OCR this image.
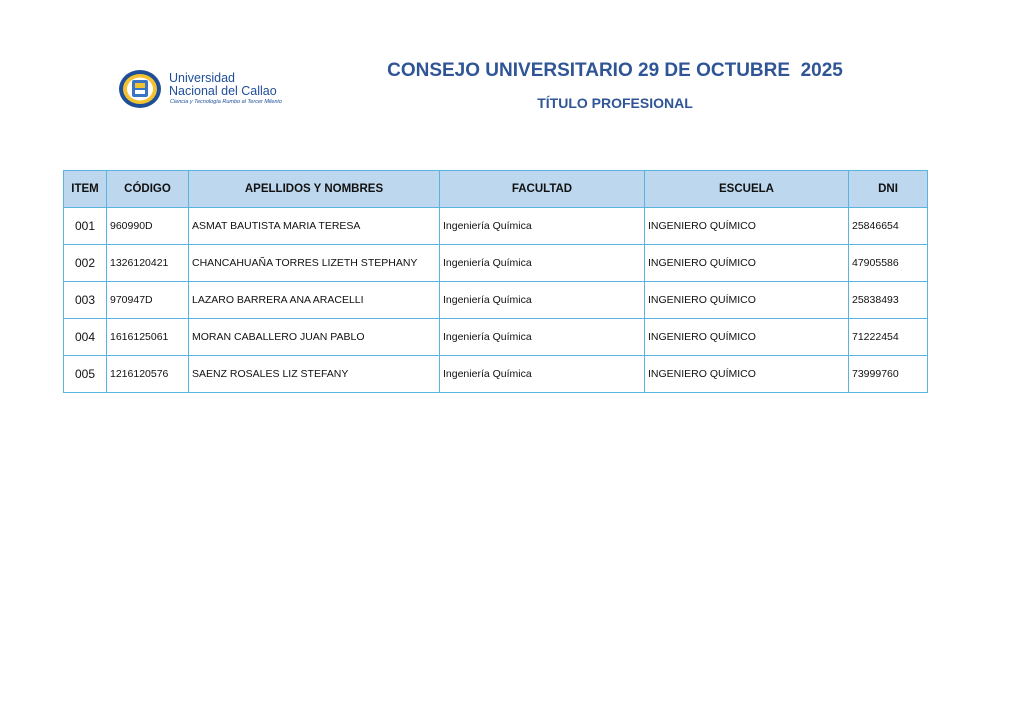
Universidad
Nacional del Callao
Ciencia y Tecnología Rumbo al Tercer Milenio
CONSEJO UNIVERSITARIO 29 DE OCTUBRE  2025
TÍTULO PROFESIONAL
ITEM	CÓDIGO	APELLIDOS Y NOMBRES	FACULTAD	ESCUELA	DNI
001	960990D	ASMAT BAUTISTA MARIA TERESA	Ingeniería Química	INGENIERO QUÍMICO	25846654
002	1326120421	CHANCAHUAÑA TORRES LIZETH STEPHANY	Ingeniería Química	INGENIERO QUÍMICO	47905586
003	970947D	LAZARO BARRERA ANA ARACELLI	Ingeniería Química	INGENIERO QUÍMICO	25838493
004	1616125061	MORAN CABALLERO JUAN PABLO	Ingeniería Química	INGENIERO QUÍMICO	71222454
005	1216120576	SAENZ ROSALES LIZ STEFANY	Ingeniería Química	INGENIERO QUÍMICO	73999760
